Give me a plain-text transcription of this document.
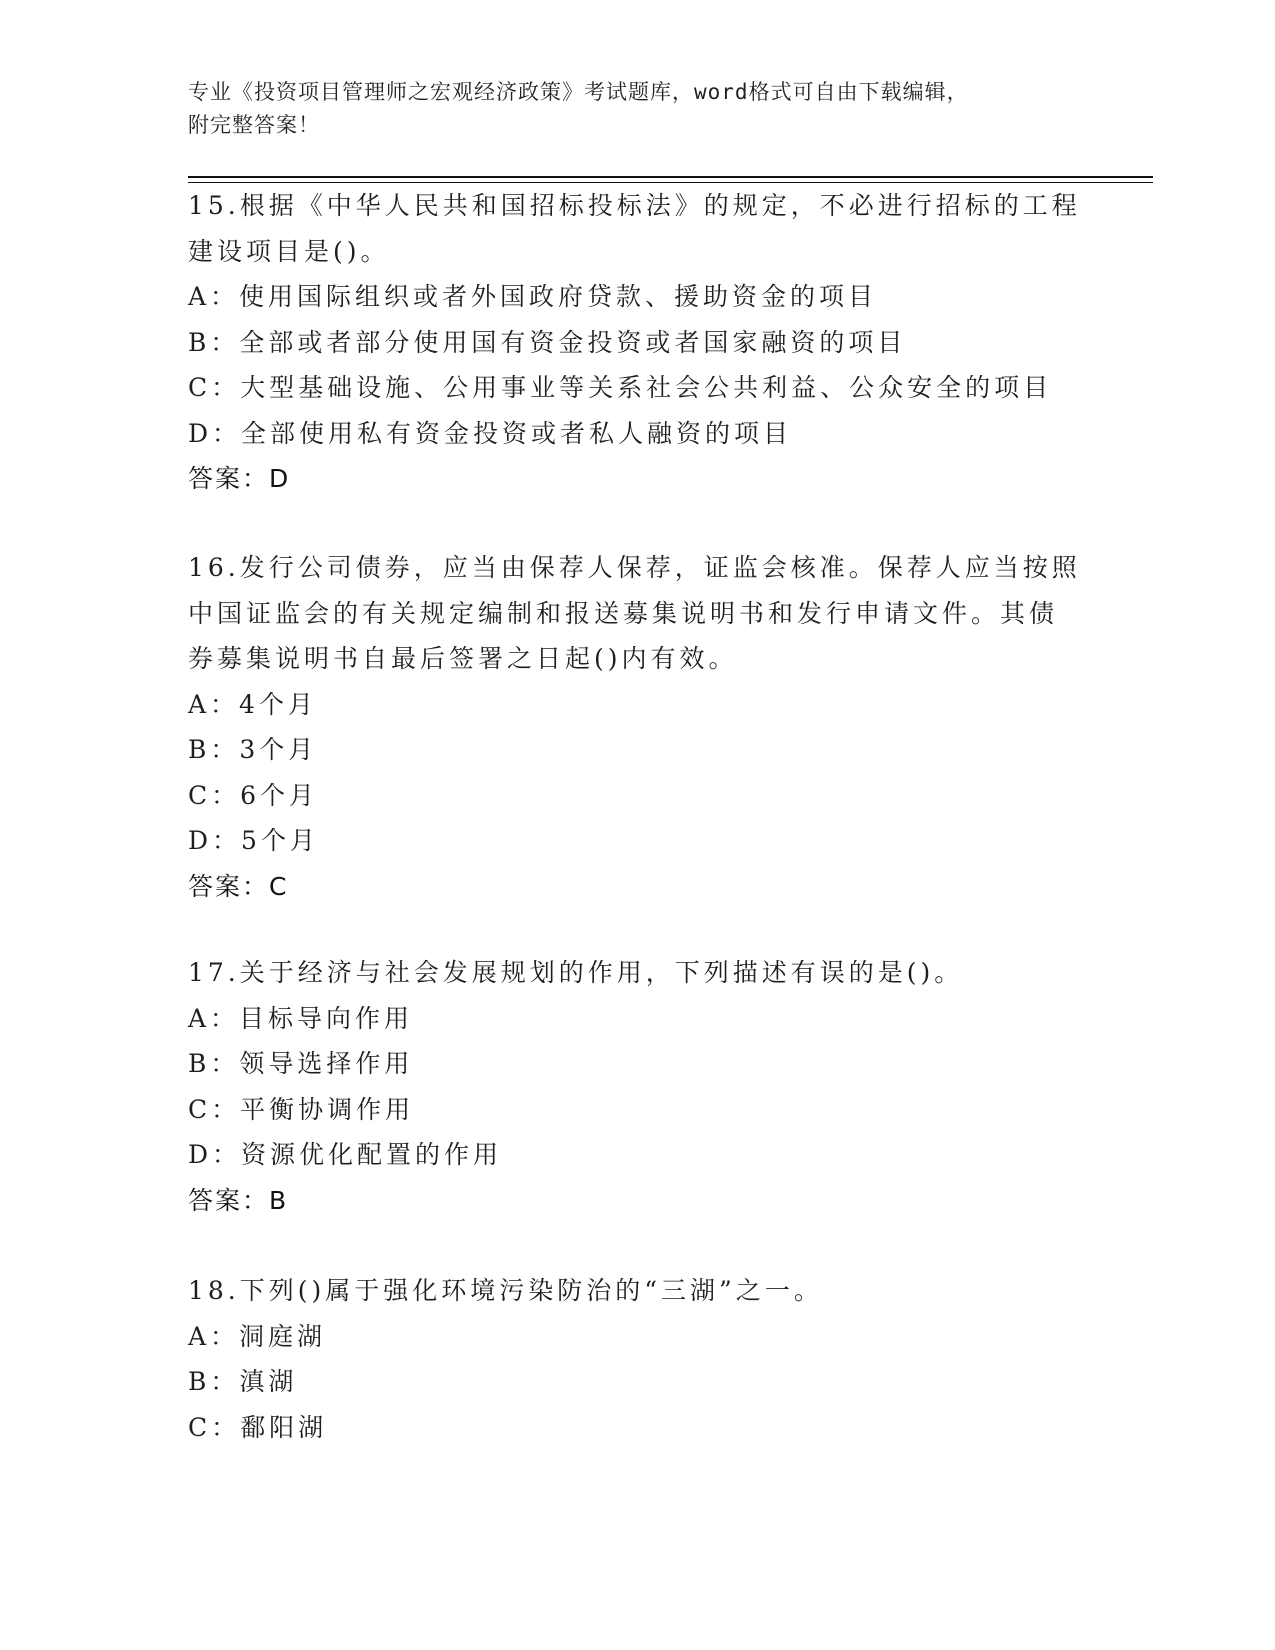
专业《投资项目管理师之宏观经济政策》考试题库，word格式可自由下载编辑，
附完整答案！
15.根据《中华人民共和国招标投标法》的规定，不必进行招标的工程
建设项目是()。
A：使用国际组织或者外国政府贷款、援助资金的项目
B：全部或者部分使用国有资金投资或者国家融资的项目
C：大型基础设施、公用事业等关系社会公共利益、公众安全的项目
D：全部使用私有资金投资或者私人融资的项目
答案：D
16.发行公司债券，应当由保荐人保荐，证监会核准。保荐人应当按照
中国证监会的有关规定编制和报送募集说明书和发行申请文件。其债
券募集说明书自最后签署之日起()内有效。
A：4个月
B：3个月
C：6个月
D：5个月
答案：C
17.关于经济与社会发展规划的作用，下列描述有误的是()。
A：目标导向作用
B：领导选择作用
C：平衡协调作用
D：资源优化配置的作用
答案：B
18.下列()属于强化环境污染防治的“三湖”之一。
A：洞庭湖
B：滇湖
C：鄱阳湖
